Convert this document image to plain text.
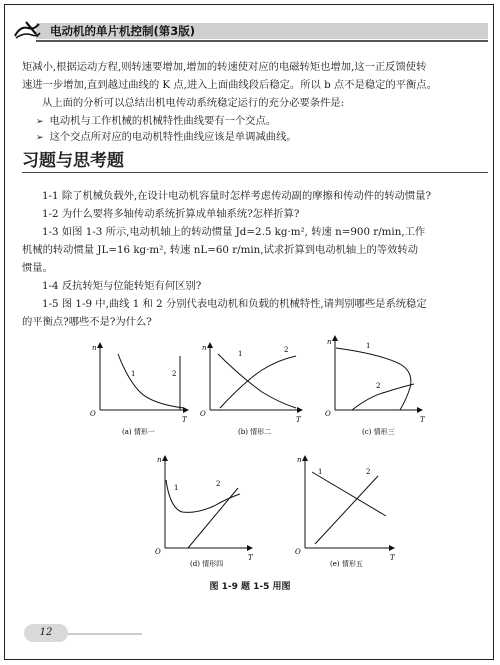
电动机的单片机控制(第3版)
矩减小,根据运动方程,则转速要增加,增加的转速使对应的电磁转矩也增加,这一正反馈使转
速进一步增加,直到越过曲线的 K 点,进入上面曲线段后稳定。所以 b 点不是稳定的平衡点。
从上面的分析可以总结出机电传动系统稳定运行的充分必要条件是:
➢ 电动机与工作机械的机械特性曲线要有一个交点。
➢ 这个交点所对应的电动机特性曲线应该是单调减曲线。
习题与思考题
1-1 除了机械负载外,在设计电动机容量时怎样考虑传动副的摩擦和传动件的转动惯量?
1-2 为什么要将多轴传动系统折算成单轴系统?怎样折算?
1-3 如图 1-3 所示,电动机轴上的转动惯量 Jd=2.5 kg·m², 转速 n=900 r/min,工作
机械的转动惯量 JL=16 kg·m², 转速 nL=60 r/min,试求折算到电动机轴上的等效转动
惯量。
1-4 反抗转矩与位能转矩有何区别?
1-5 图 1-9 中,曲线 1 和 2 分别代表电动机和负载的机械特性,请判别哪些是系统稳定
的平衡点?哪些不是?为什么?
n
T
O
1	2
(a) 情形一
n
T
O
1	2
(b) 情形二
n
T
O
1
2
(c) 情形三
n
T
O
1	2
(d) 情形四
n
T
O
1	2
(e) 情形五
图 1-9 题 1-5 用图
12
